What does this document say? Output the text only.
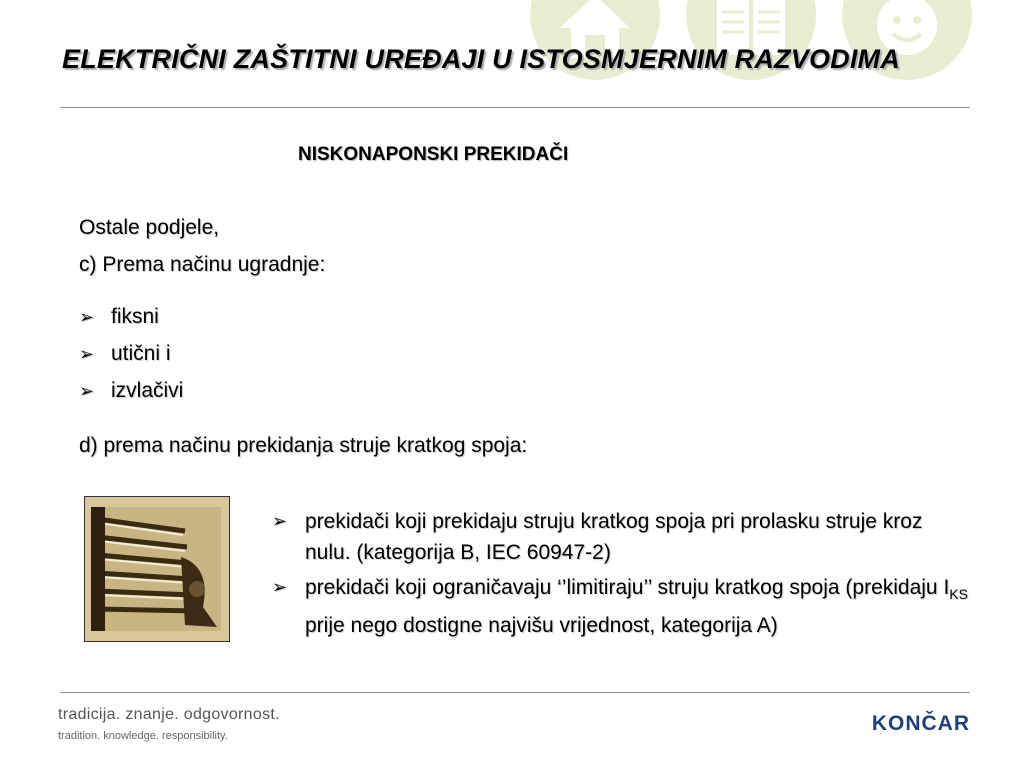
ELEKTRIČNI ZAŠTITNI UREĐAJI U ISTOSMJERNIM RAZVODIMA
NISKONAPONSKI PREKIDAČI
Ostale podjele,
c) Prema načinu ugradnje:
➢ fiksni
➢ utični i
➢ izvlačivi
d) prema načinu prekidanja struje kratkog spoja:
➢ prekidači koji prekidaju struju kratkog spoja pri prolasku struje kroz nulu. (kategorija B, IEC 60947-2)
➢ prekidači koji ograničavaju ‘’limitiraju’’ struju kratkog spoja (prekidaju $I_{KS}$ prije nego dostigne najvišu vrijednost, kategorija A)
tradicija. znanje. odgovornost.
tradition. knowledge. responsibility.
KONČAR
